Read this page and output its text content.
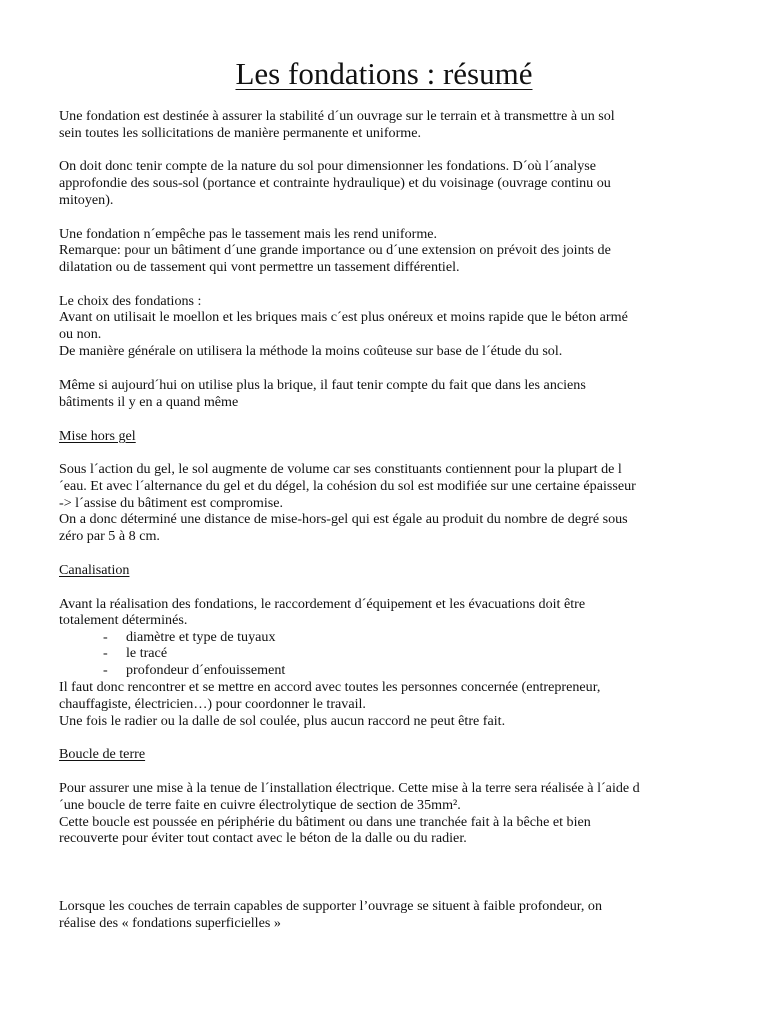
Les fondations : résumé
Une fondation est destinée à assurer la stabilité d´un ouvrage sur le terrain et à transmettre à un sol
sein toutes les sollicitations de manière permanente et uniforme.
On doit donc tenir compte de la nature du sol pour dimensionner les fondations. D´où l´analyse
approfondie des sous-sol (portance et contrainte hydraulique) et du voisinage (ouvrage continu ou
mitoyen).
Une fondation n´empêche pas le tassement mais les rend uniforme.
Remarque: pour un bâtiment d´une grande importance ou d´une extension on prévoit des joints de
dilatation ou de tassement qui vont permettre un tassement différentiel.
Le choix des fondations :
Avant on utilisait le moellon et les briques mais c´est plus onéreux et moins rapide que le béton armé
ou non.
De manière générale on utilisera la méthode la moins coûteuse sur base de l´étude du sol.
Même si aujourd´hui on utilise plus la brique, il faut tenir compte du fait que dans les anciens
bâtiments il y en a quand même
Mise hors gel
Sous l´action du gel, le sol augmente de volume car ses constituants contiennent pour la plupart de l
´eau. Et avec l´alternance du gel et du dégel, la cohésion du sol est modifiée sur une certaine épaisseur
-> l´assise du bâtiment est compromise.
On a donc déterminé une distance de mise-hors-gel qui est égale au produit du nombre de degré sous
zéro par 5 à 8 cm.
Canalisation
Avant la réalisation des fondations, le raccordement d´équipement et les évacuations doit être
totalement déterminés.
-	diamètre et type de tuyaux
-	le tracé
-	profondeur d´enfouissement
Il faut donc rencontrer et se mettre en accord avec toutes les personnes concernée (entrepreneur,
chauffagiste, électricien…) pour coordonner le travail.
Une fois le radier ou la dalle de sol coulée, plus aucun raccord ne peut être fait.
Boucle de terre
Pour assurer une mise à la tenue de l´installation électrique. Cette mise à la terre sera réalisée à l´aide d
´une boucle de terre faite en cuivre électrolytique de section de 35mm².
Cette boucle est poussée en périphérie du bâtiment ou dans une tranchée fait à la bêche et bien
recouverte pour éviter tout contact avec le béton de la dalle ou du radier.
Lorsque les couches de terrain capables de supporter l’ouvrage se situent à faible profondeur, on
réalise des « fondations superficielles »
